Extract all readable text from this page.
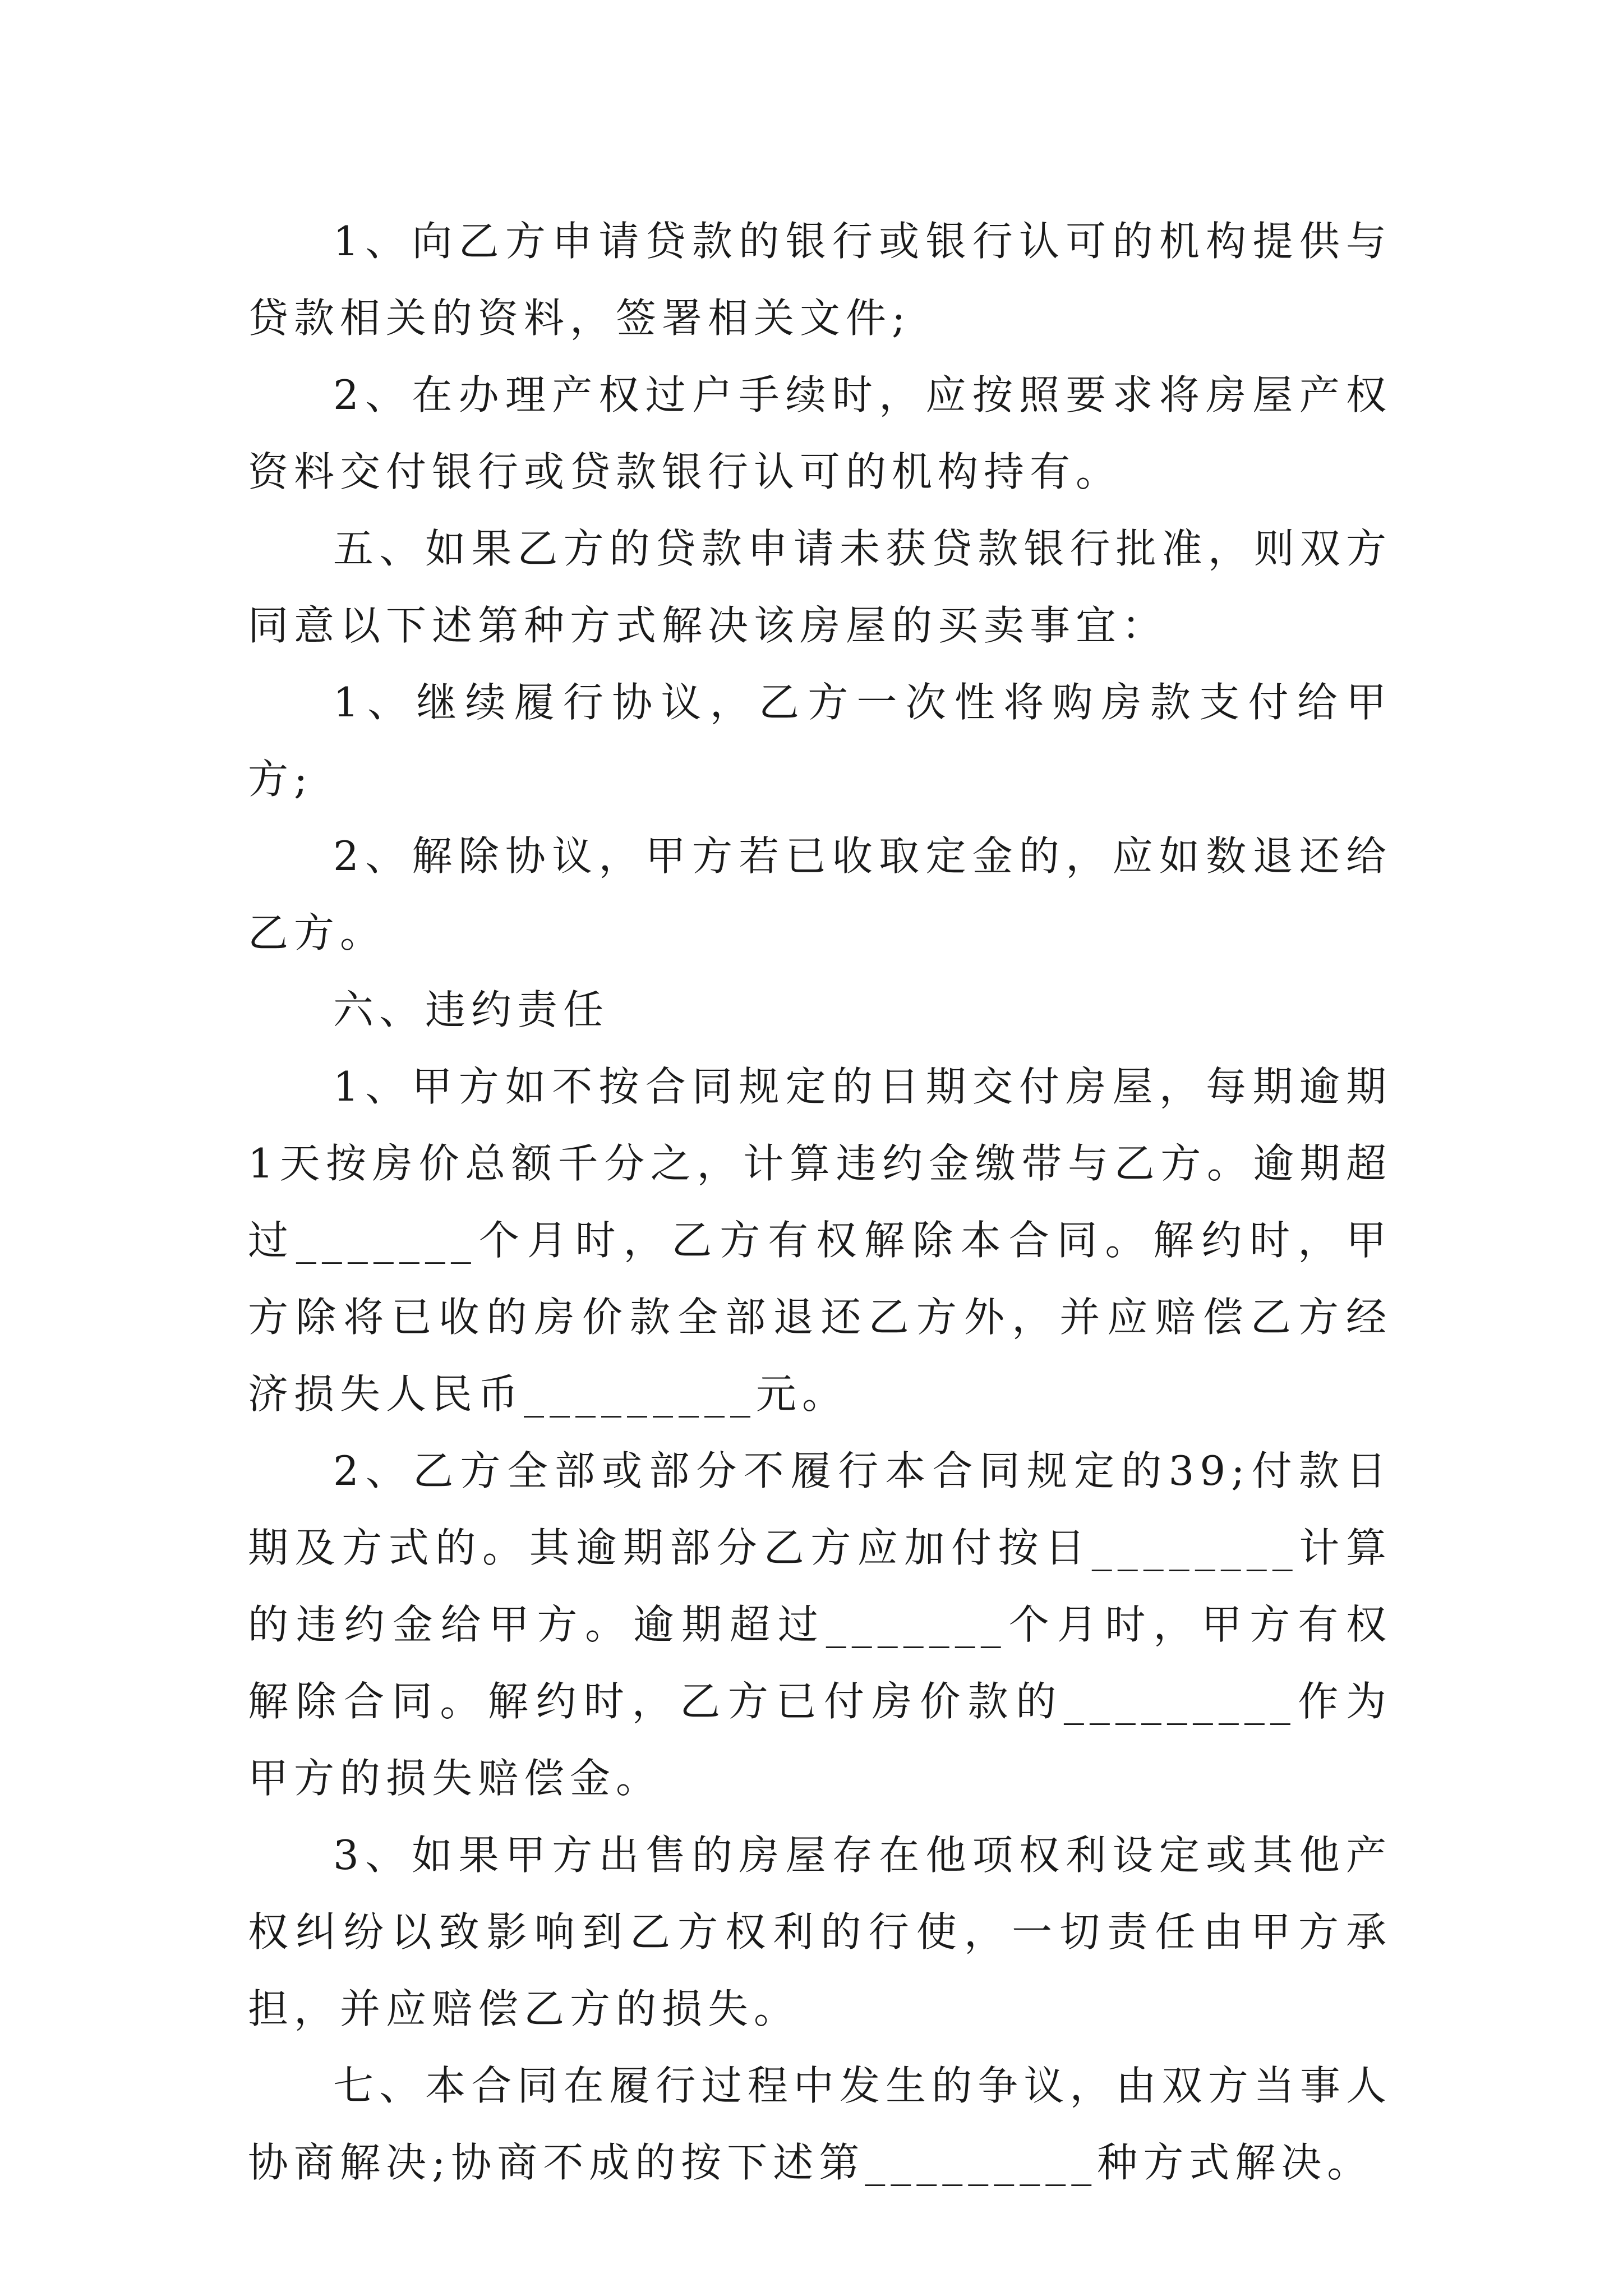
1、向乙方申请贷款的银行或银行认可的机构提供与贷款相关的资料，签署相关文件;

2、在办理产权过户手续时，应按照要求将房屋产权资料交付银行或贷款银行认可的机构持有。

五、如果乙方的贷款申请未获贷款银行批准，则双方同意以下述第种方式解决该房屋的买卖事宜：

1、继续履行协议，乙方一次性将购房款支付给甲方;

2、解除协议，甲方若已收取定金的，应如数退还给乙方。

六、违约责任

1、甲方如不按合同规定的日期交付房屋，每期逾期1天按房价总额千分之，计算违约金缴带与乙方。逾期超过_______个月时，乙方有权解除本合同。解约时，甲方除将已收的房价款全部退还乙方外，并应赔偿乙方经济损失人民币_________元。

2、乙方全部或部分不履行本合同规定的39;付款日期及方式的。其逾期部分乙方应加付按日________计算的违约金给甲方。逾期超过_______个月时，甲方有权解除合同。解约时，乙方已付房价款的_________作为甲方的损失赔偿金。

3、如果甲方出售的房屋存在他项权利设定或其他产权纠纷以致影响到乙方权利的行使，一切责任由甲方承担，并应赔偿乙方的损失。

七、本合同在履行过程中发生的争议，由双方当事人协商解决;协商不成的按下述第_________种方式解决。
